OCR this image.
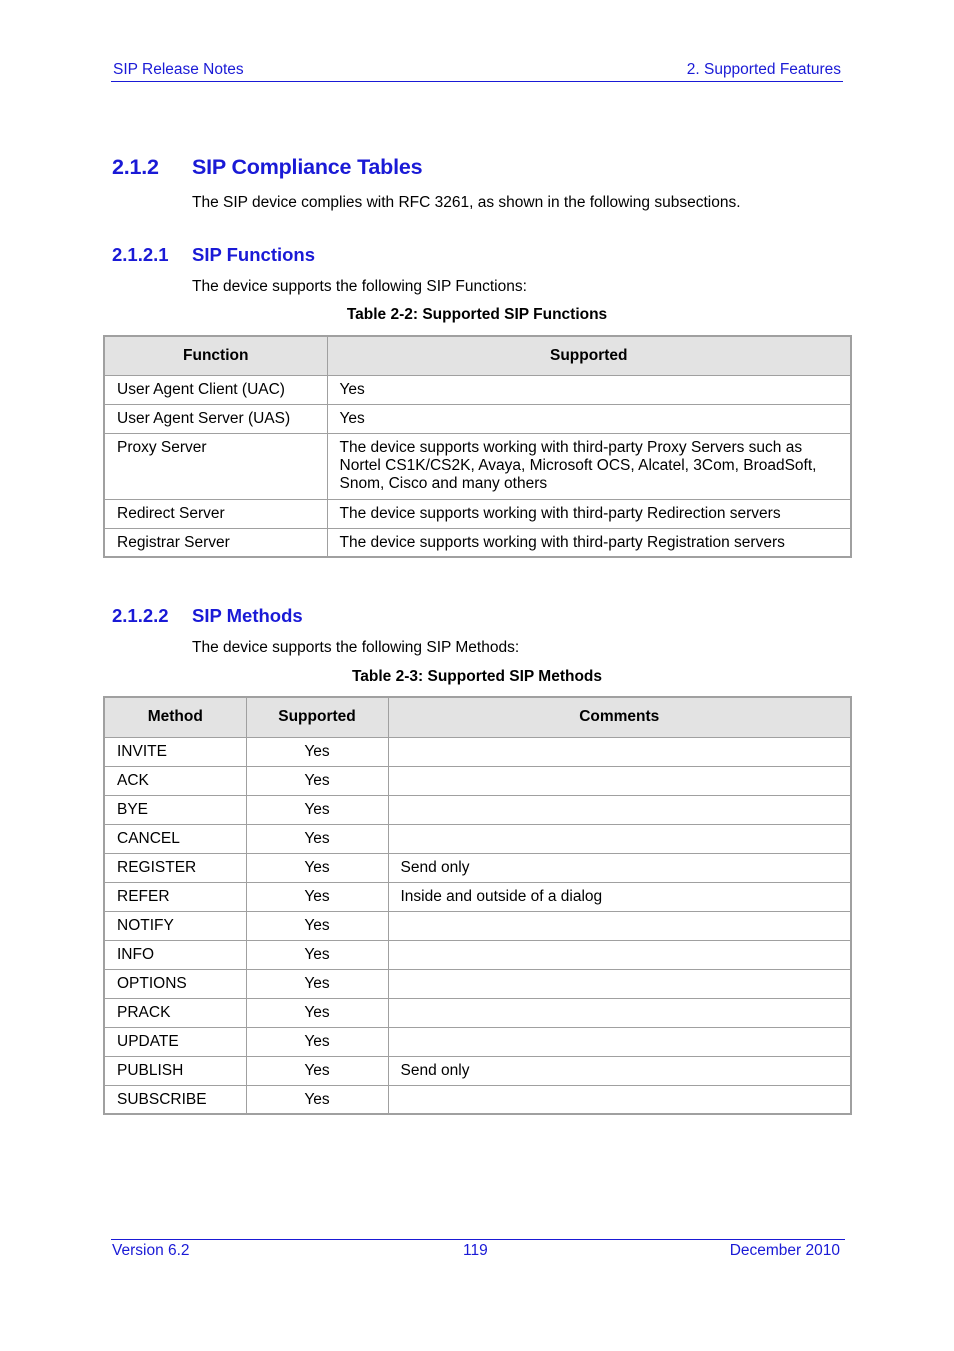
SIP Release Notes	2. Supported Features
2.1.2 SIP Compliance Tables
The SIP device complies with RFC 3261, as shown in the following subsections.
2.1.2.1 SIP Functions
The device supports the following SIP Functions:
Table 2-2: Supported SIP Functions
Function	Supported
User Agent Client (UAC)	Yes
User Agent Server (UAS)	Yes
Proxy Server	The device supports working with third-party Proxy Servers such as Nortel CS1K/CS2K, Avaya, Microsoft OCS, Alcatel, 3Com, BroadSoft, Snom, Cisco and many others
Redirect Server	The device supports working with third-party Redirection servers
Registrar Server	The device supports working with third-party Registration servers
2.1.2.2 SIP Methods
The device supports the following SIP Methods:
Table 2-3: Supported SIP Methods
Method	Supported	Comments
INVITE	Yes	
ACK	Yes	
BYE	Yes	
CANCEL	Yes	
REGISTER	Yes	Send only
REFER	Yes	Inside and outside of a dialog
NOTIFY	Yes	
INFO	Yes	
OPTIONS	Yes	
PRACK	Yes	
UPDATE	Yes	
PUBLISH	Yes	Send only
SUBSCRIBE	Yes	
Version 6.2	119	December 2010
